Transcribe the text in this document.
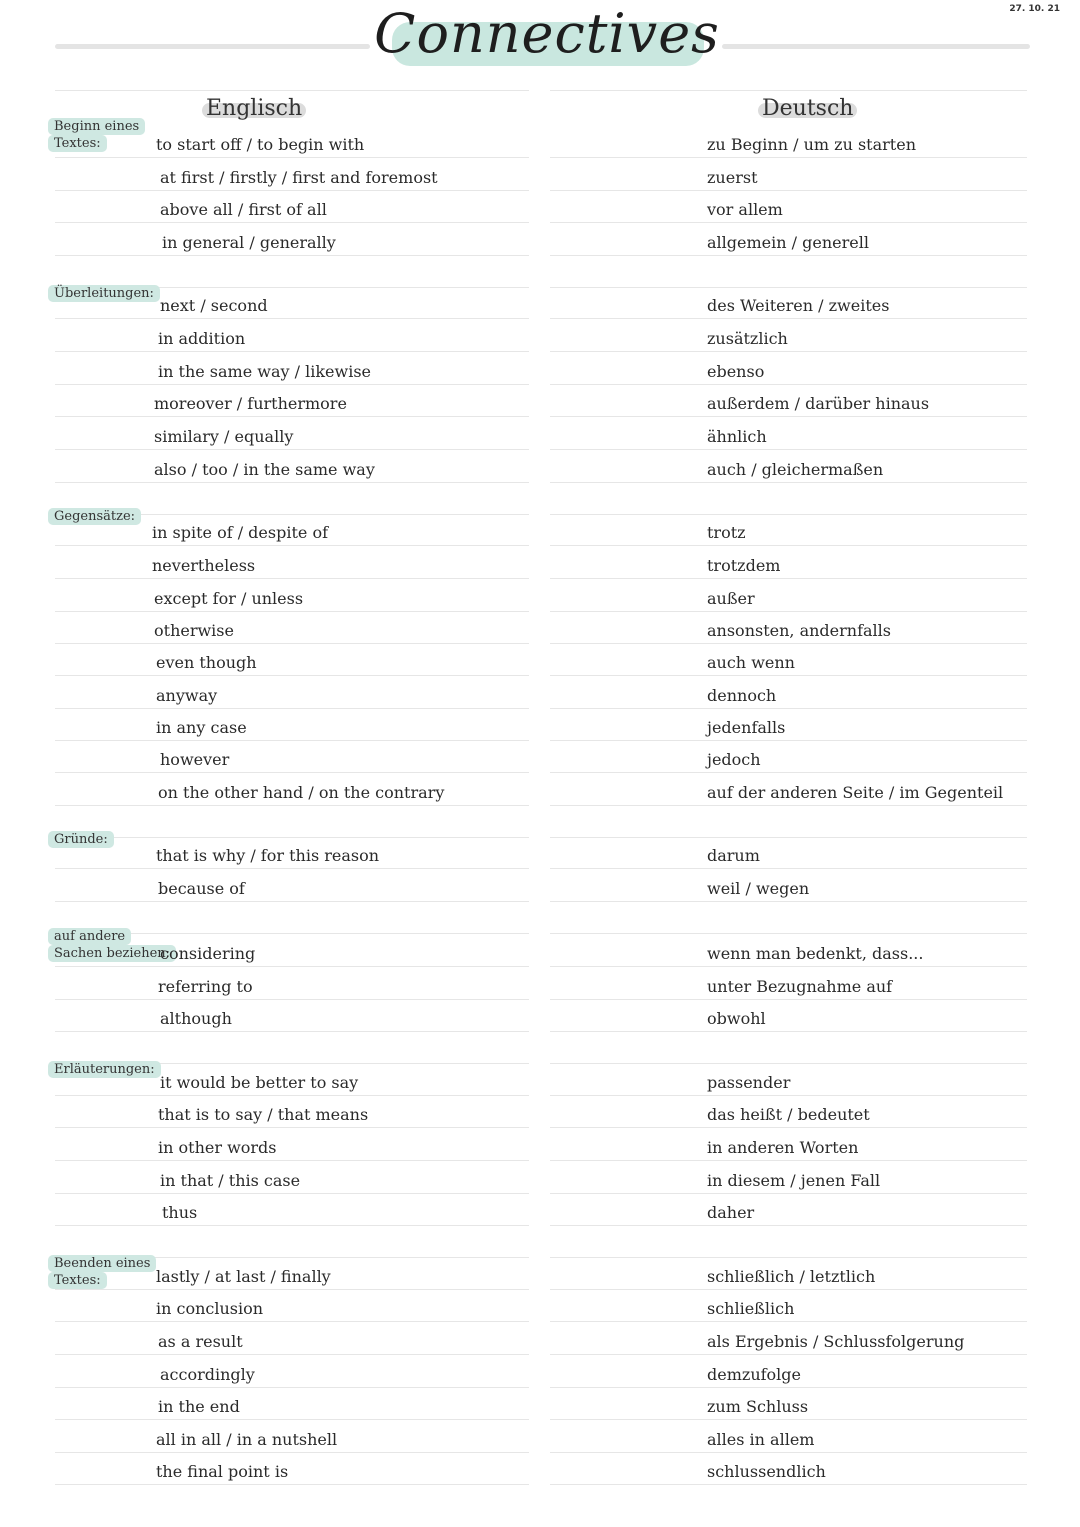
27. 10. 21
Connectives
Englisch	Deutsch
Beginn eines
Textes:	to start off / to begin with	zu Beginn / um zu starten
at first / firstly / first and foremost	zuerst
above all / first of all	vor allem
in general / generally	allgemein / generell
Überleitungen:
next / second	des Weiteren / zweites
in addition	zusätzlich
in the same way / likewise	ebenso
moreover / furthermore	außerdem / darüber hinaus
similary / equally	ähnlich
also / too / in the same way	auch / gleichermaßen
Gegensätze:
in spite of / despite of	trotz
nevertheless	trotzdem
except for / unless	außer
otherwise	ansonsten, andernfalls
even though	auch wenn
anyway	dennoch
in any case	jedenfalls
however	jedoch
on the other hand / on the contrary	auf der anderen Seite / im Gegenteil
Gründe:
that is why / for this reason	darum
because of	weil / wegen
auf andere
Sachen beziehen:
considering	wenn man bedenkt, dass...
referring to	unter Bezugnahme auf
although	obwohl
Erläuterungen:
it would be better to say	passender
that is to say / that means	das heißt / bedeutet
in other words	in anderen Worten
in that / this case	in diesem / jenen Fall
thus	daher
Beenden eines
Textes:	lastly / at last / finally	schließlich / letztlich
in conclusion	schließlich
as a result	als Ergebnis / Schlussfolgerung
accordingly	demzufolge
in the end	zum Schluss
all in all / in a nutshell	alles in allem
the final point is	schlussendlich
